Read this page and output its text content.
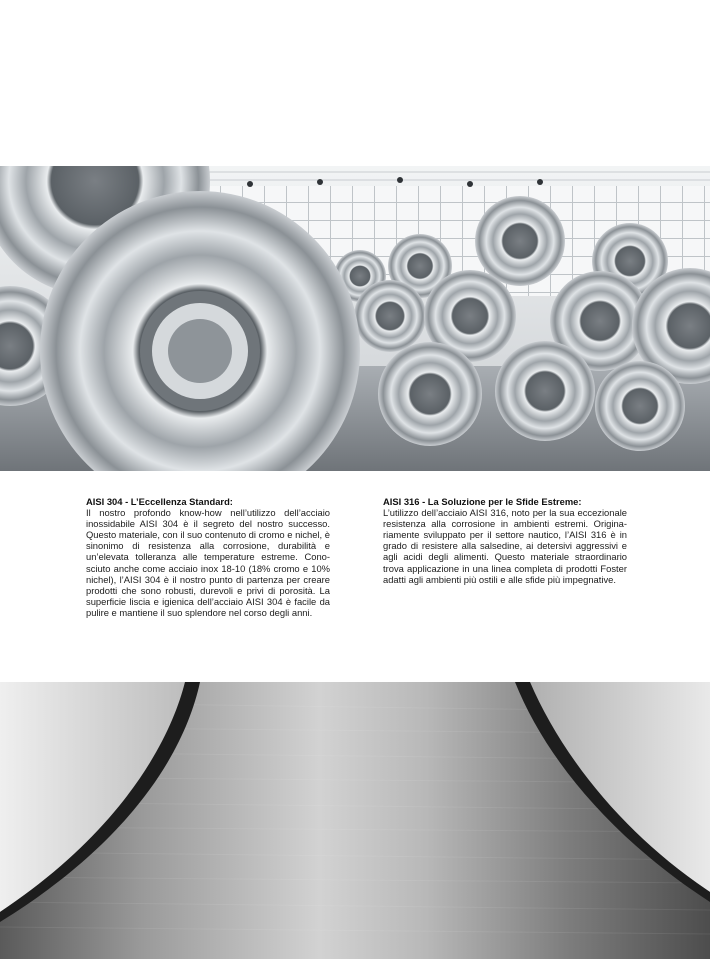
AISI 304 - L’Eccellenza Standard:

Il nostro profondo know-how nell’utilizzo dell’acciaio inossidabile AISI 304 è il segreto del nostro successo. Questo materiale, con il suo contenuto di cromo e nichel, è sinonimo di resistenza alla corrosione, durabilità e un’elevata tolleranza alle temperature estreme. Conosciuto anche come acciaio inox 18-10 (18% cromo e 10% nichel), l’AISI 304 è il nostro punto di partenza per creare prodotti che sono robusti, durevoli e privi di porosità. La superficie liscia e igienica dell’acciaio AISI 304 è facile da pulire e mantiene il suo splendore nel corso degli anni.

AISI 316 - La Soluzione per le Sfide Estreme:

L’utilizzo dell’acciaio AISI 316, noto per la sua eccezionale resistenza alla corrosione in ambienti estremi. Originariamente sviluppato per il settore nautico, l’AISI 316 è in grado di resistere alla salsedine, ai detersivi aggressivi e agli acidi degli alimenti. Questo materiale straordinario trova applicazione in una linea completa di prodotti Foster adatti agli ambienti più ostili e alle sfide più impegnative.
